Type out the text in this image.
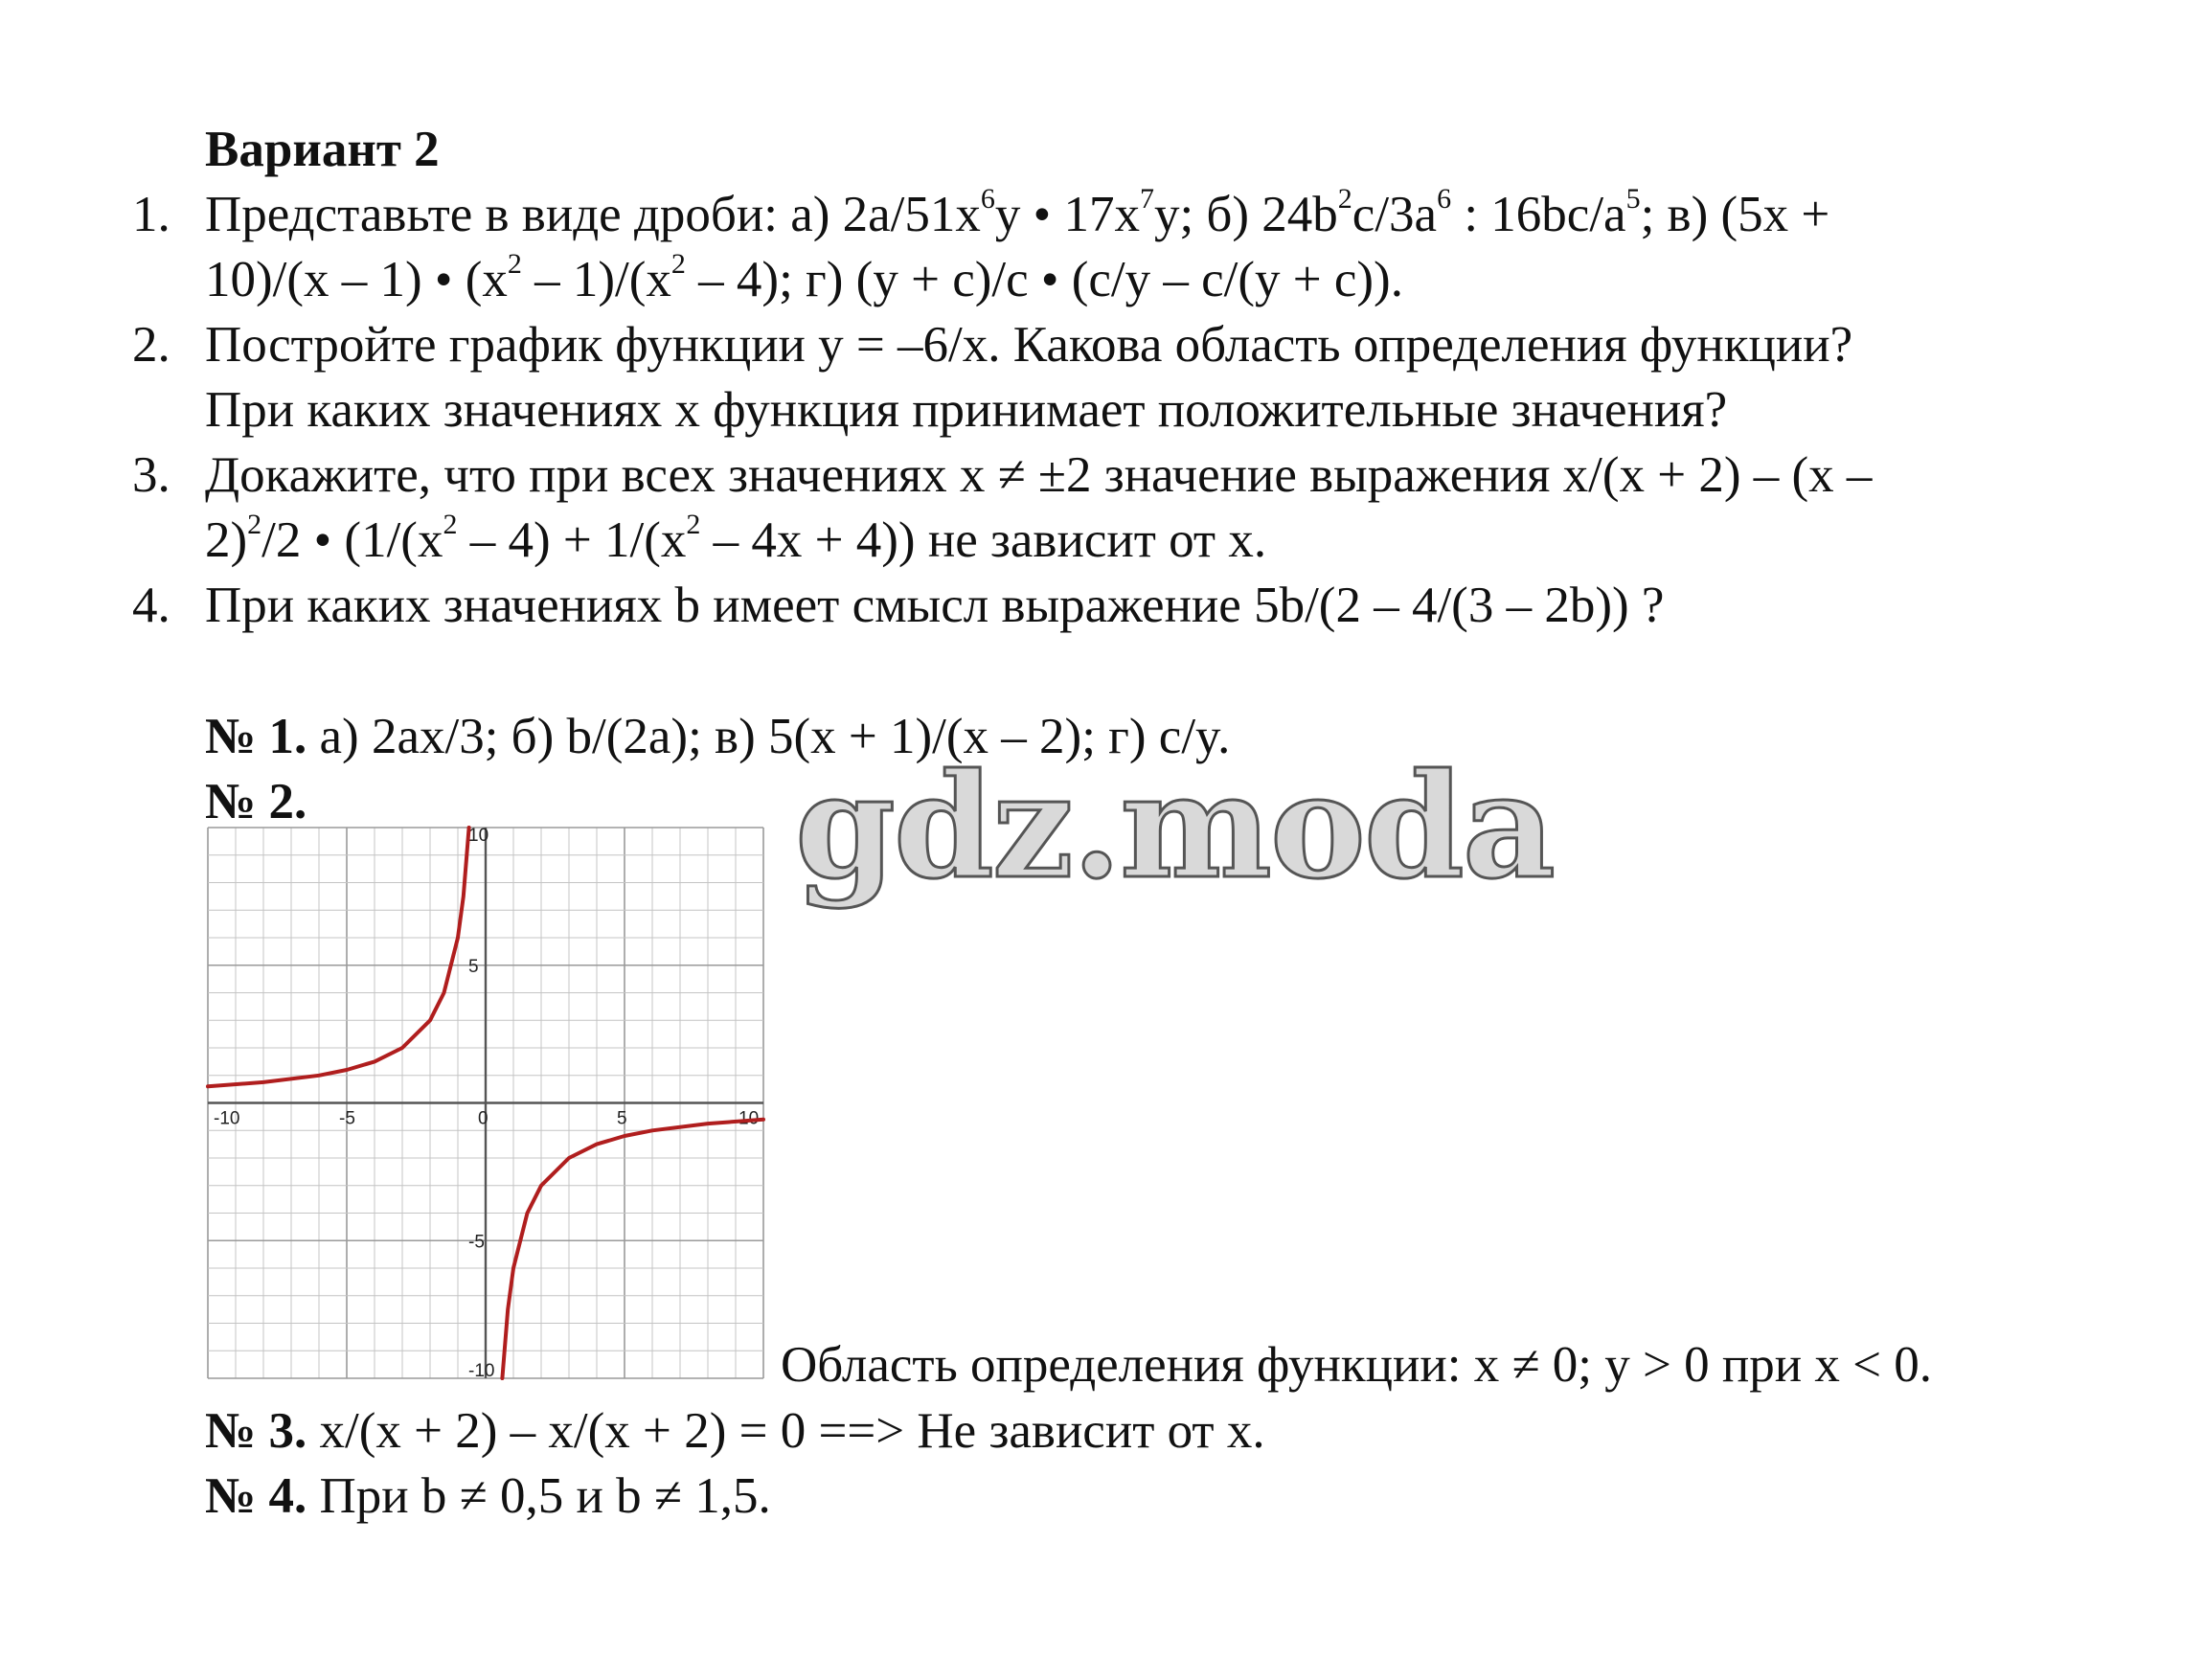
Вариант 2
1. Представьте в виде дроби: а) $2a/51x^6y$ • $17x^7y$; б) $24b^2c/3a^6$ : $16bc/a^5$; в) (5x +
10)/(x – 1) • $(x^2 - 1)/(x^2 - 4)$; г) (y + c)/c • (c/y – c/(y + c)).
2. Постройте график функции y = –6/x. Какова область определения функции?
При каких значениях x функция принимает положительные значения?
3. Докажите, что при всех значениях x ≠ ±2 значение выражения x/(x + 2) – (x –
2)$^2$/2 • $(1/(x^2 - 4) + 1/(x^2 - 4x + 4))$ не зависит от x.
4. При каких значениях b имеет смысл выражение 5b/(2 – 4/(3 – 2b)) ?
№ 1. а) 2ax/3; б) b/(2a); в) 5(x + 1)/(x – 2); г) c/y.
№ 2.	gdz.moda
-10	-5	0	5	10
10
5
-5
-10	Область определения функции: x ≠ 0; y > 0 при x < 0.
№ 3. x/(x + 2) – x/(x + 2) = 0 ==> Не зависит от x.
№ 4. При b ≠ 0,5 и b ≠ 1,5.
